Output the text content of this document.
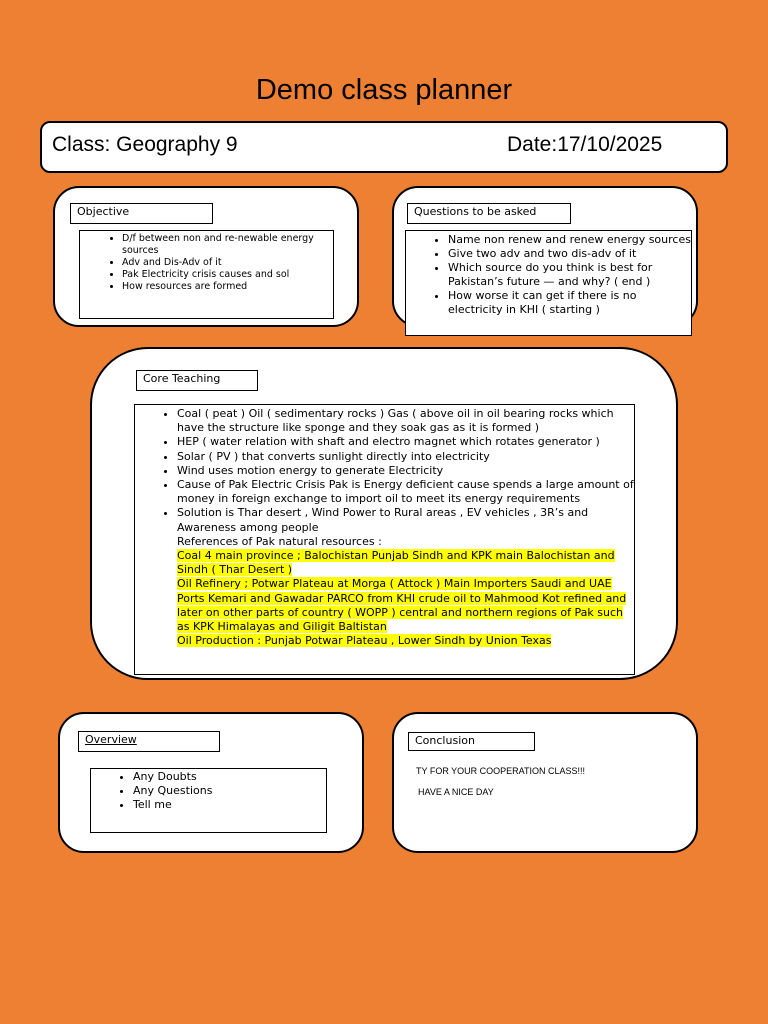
Demo class planner
Class: Geography 9	Date:17/10/2025
Objective
• D/f between non and re-newable energy sources
• Adv and Dis-Adv of it
• Pak Electricity crisis causes and sol
• How resources are formed
Questions to be asked
• Name non renew and renew energy sources
• Give two adv and two dis-adv of it
• Which source do you think is best for Pakistan’s future — and why? ( end )
• How worse it can get if there is no electricity in KHI ( starting )
Core Teaching
• Coal ( peat ) Oil ( sedimentary rocks ) Gas ( above oil in oil bearing rocks which have the structure like sponge and they soak gas as it is formed )
• HEP ( water relation with shaft and electro magnet which rotates generator )
• Solar ( PV ) that converts sunlight directly into electricity
• Wind uses motion energy to generate Electricity
• Cause of Pak Electric Crisis Pak is Energy deficient cause spends a large amount of money in foreign exchange to import oil to meet its energy requirements
• Solution is Thar desert , Wind Power to Rural areas , EV vehicles , 3R’s and Awareness among people
References of Pak natural resources :
Coal 4 main province ; Balochistan Punjab Sindh and KPK main Balochistan and Sindh ( Thar Desert )
Oil Refinery ; Potwar Plateau at Morga ( Attock ) Main Importers Saudi and UAE
Ports Kemari and Gawadar PARCO from KHI crude oil to Mahmood Kot refined and later on other parts of country ( WOPP ) central and northern regions of Pak such as KPK Himalayas and Giligit Baltistan
Oil Production : Punjab Potwar Plateau , Lower Sindh by Union Texas
Overview
• Any Doubts
• Any Questions
• Tell me
Conclusion
TY FOR YOUR COOPERATION CLASS!!!
HAVE A NICE DAY
